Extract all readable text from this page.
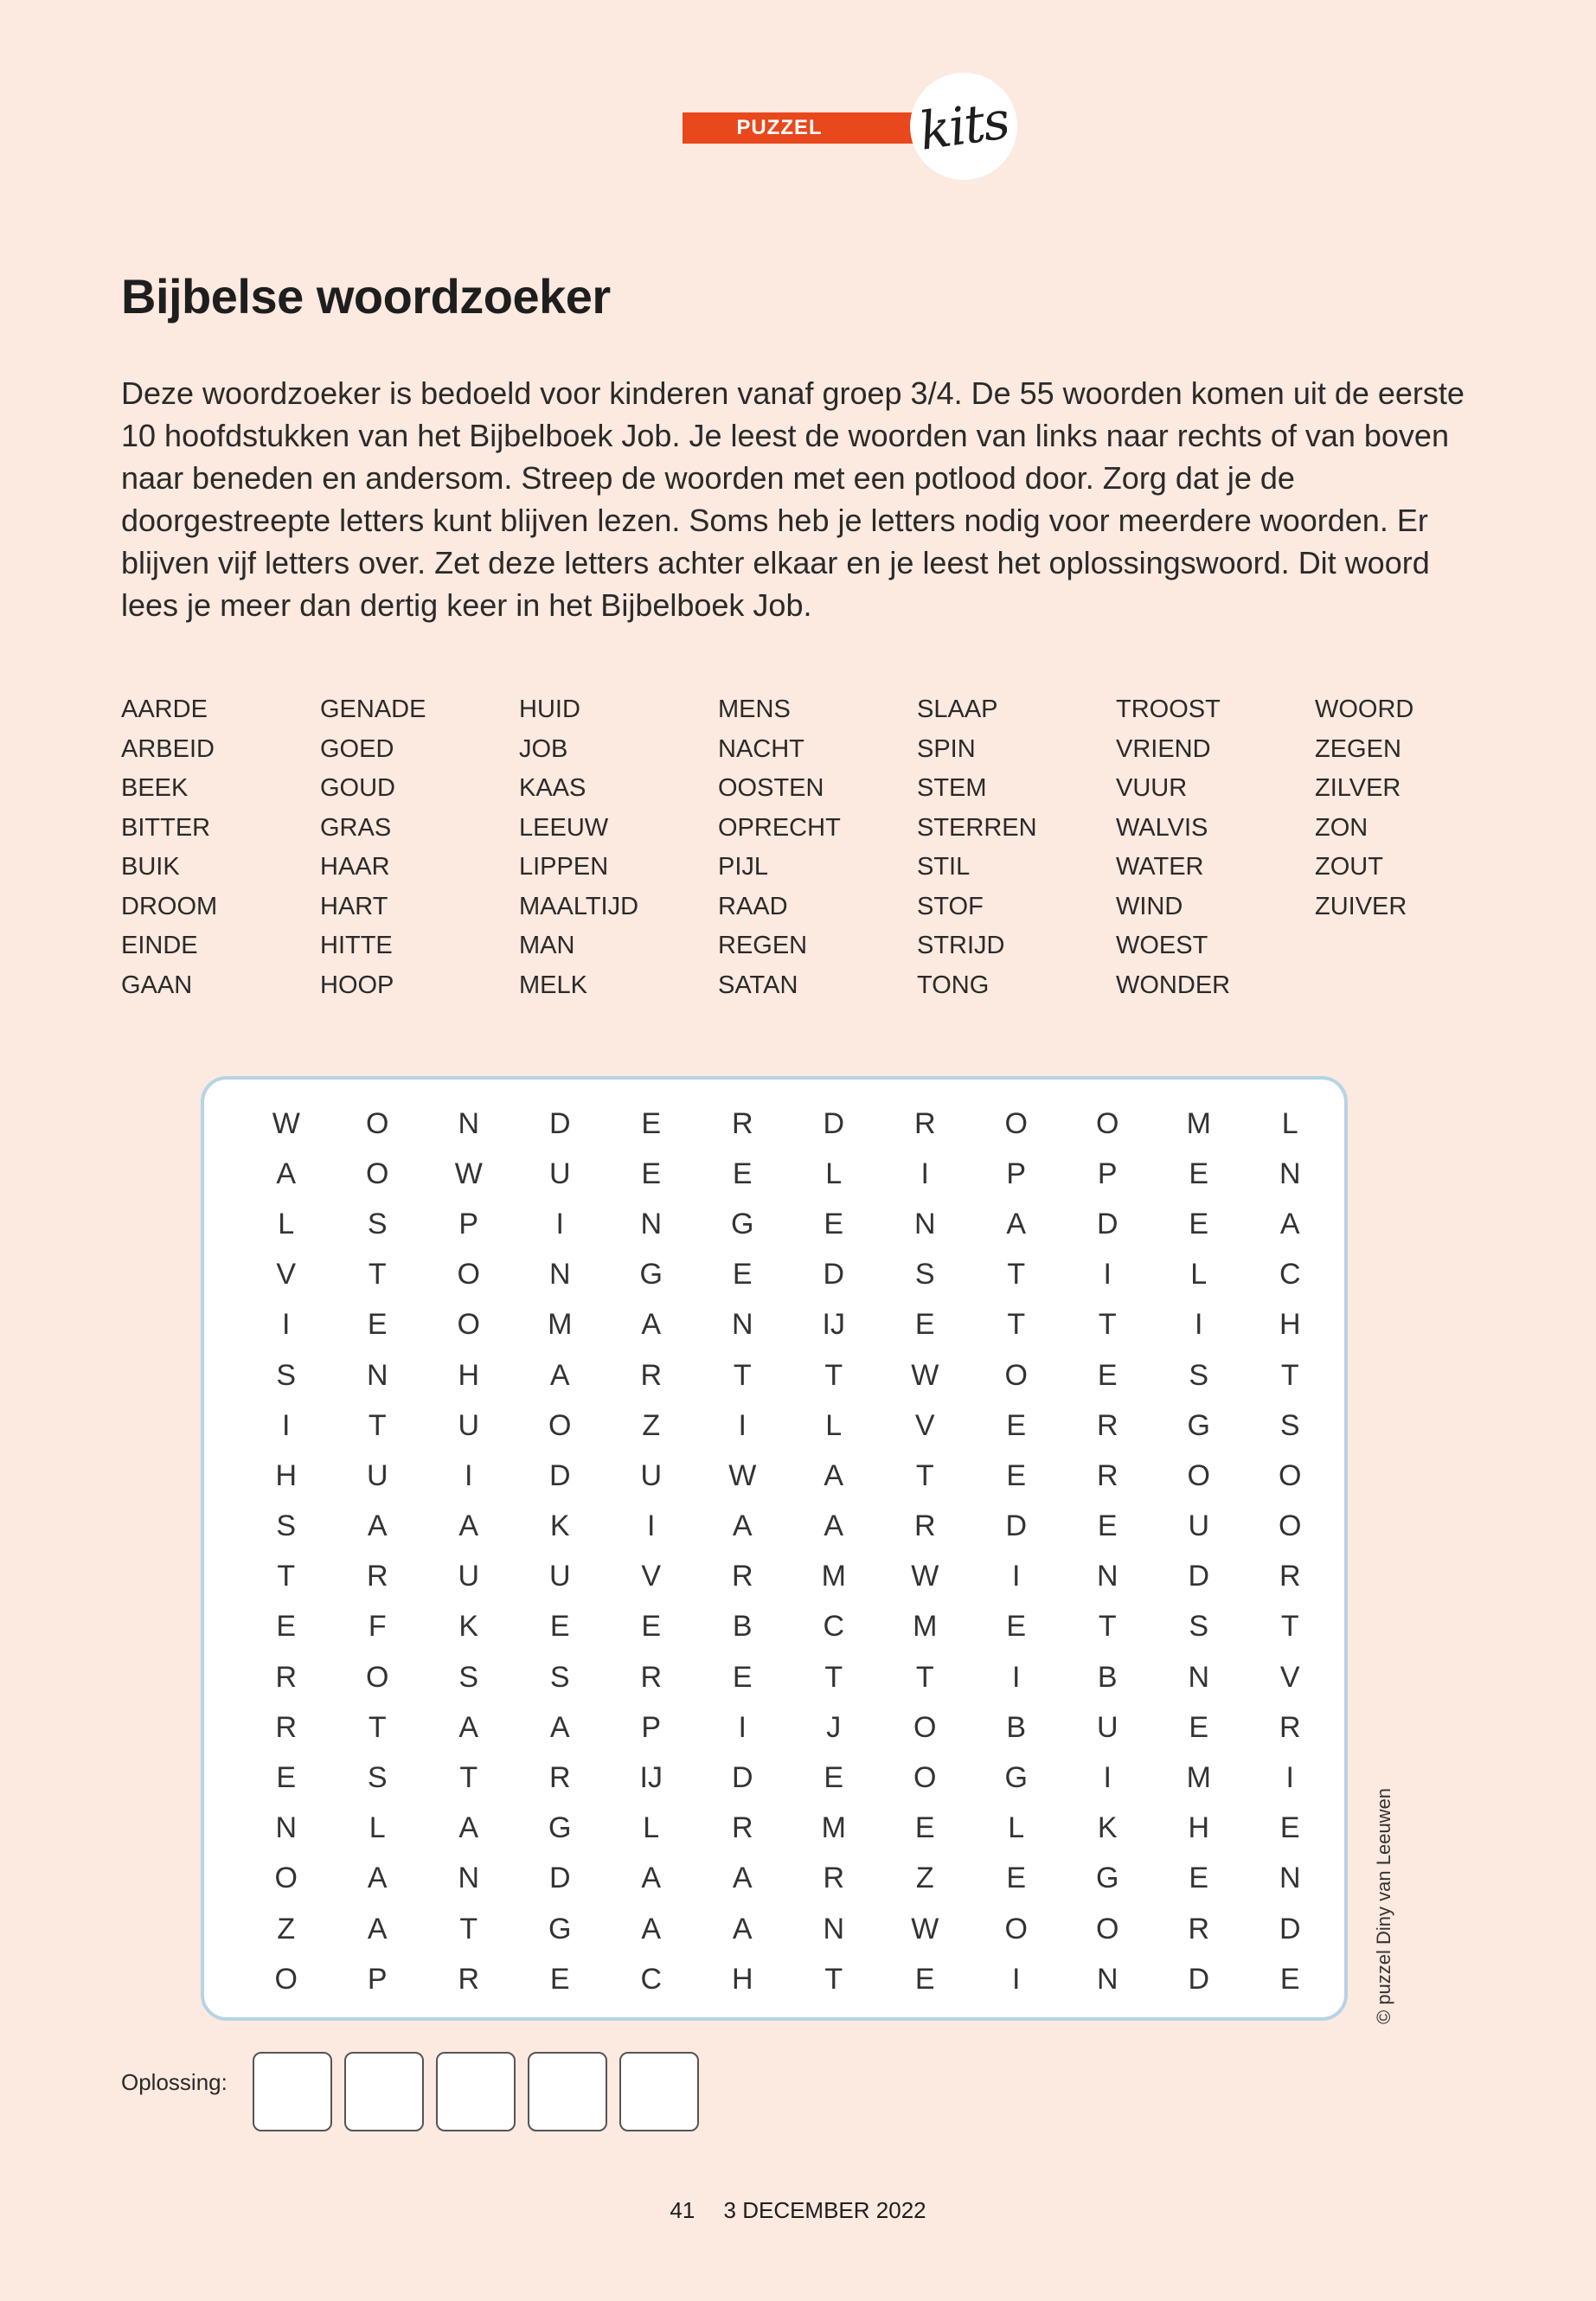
PUZZEL	kits
Bijbelse woordzoeker

Deze woordzoeker is bedoeld voor kinderen vanaf groep 3/4. De 55 woorden komen uit de eerste 10 hoofdstukken van het Bijbelboek Job. Je leest de woorden van links naar rechts of van boven naar beneden en andersom. Streep de woorden met een potlood door. Zorg dat je de doorgestreepte letters kunt blijven lezen. Soms heb je letters nodig voor meerdere woorden. Er blijven vijf letters over. Zet deze letters achter elkaar en je leest het oplossingswoord. Dit woord lees je meer dan dertig keer in het Bijbelboek Job.

AARDE
ARBEID
BEEK
BITTER
BUIK
DROOM
EINDE
GAAN
GENADE
GOED
GOUD
GRAS
HAAR
HART
HITTE
HOOP
HUID
JOB
KAAS
LEEUW
LIPPEN
MAALTIJD
MAN
MELK
MENS
NACHT
OOSTEN
OPRECHT
PIJL
RAAD
REGEN
SATAN
SLAAP
SPIN
STEM
STERREN
STIL
STOF
STRIJD
TONG
TROOST
VRIEND
VUUR
WALVIS
WATER
WIND
WOEST
WONDER
WOORD
ZEGEN
ZILVER
ZON
ZOUT
ZUIVER
W	O	N	D	E	R	D	R	O	O	M	L
A	O	W	U	E	E	L	I	P	P	E	N
L	S	P	I	N	G	E	N	A	D	E	A
V	T	O	N	G	E	D	S	T	I	L	C
I	E	O	M	A	N	IJ	E	T	T	I	H
S	N	H	A	R	T	T	W	O	E	S	T
I	T	U	O	Z	I	L	V	E	R	G	S
H	U	I	D	U	W	A	T	E	R	O	O
S	A	A	K	I	A	A	R	D	E	U	O
T	R	U	U	V	R	M	W	I	N	D	R
E	F	K	E	E	B	C	M	E	T	S	T
R	O	S	S	R	E	T	T	I	B	N	V
R	T	A	A	P	I	J	O	B	U	E	R
E	S	T	R	IJ	D	E	O	G	I	M	I
N	L	A	G	L	R	M	E	L	K	H	E
O	A	N	D	A	A	R	Z	E	G	E	N
Z	A	T	G	A	A	N	W	O	O	R	D
O	P	R	E	C	H	T	E	I	N	D	E	© puzzel Diny van Leeuwen
Oplossing:
41 3 DECEMBER 2022
